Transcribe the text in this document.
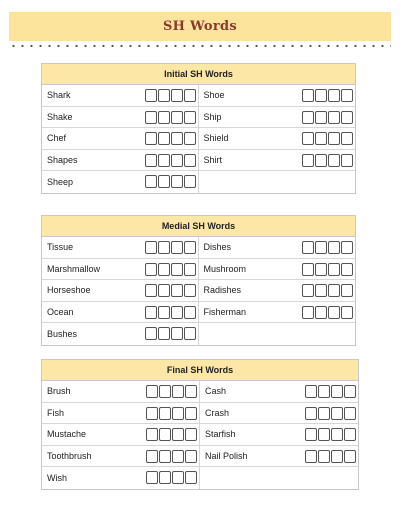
SH Words
Initial SH Words
Shark	Shoe
Shake	Ship
Chef	Shield
Shapes	Shirt
Sheep
Medial SH Words
Tissue	Dishes
Marshmallow	Mushroom
Horseshoe	Radishes
Ocean	Fisherman
Bushes
Final SH Words
Brush	Cash
Fish	Crash
Mustache	Starfish
Toothbrush	Nail Polish
Wish
